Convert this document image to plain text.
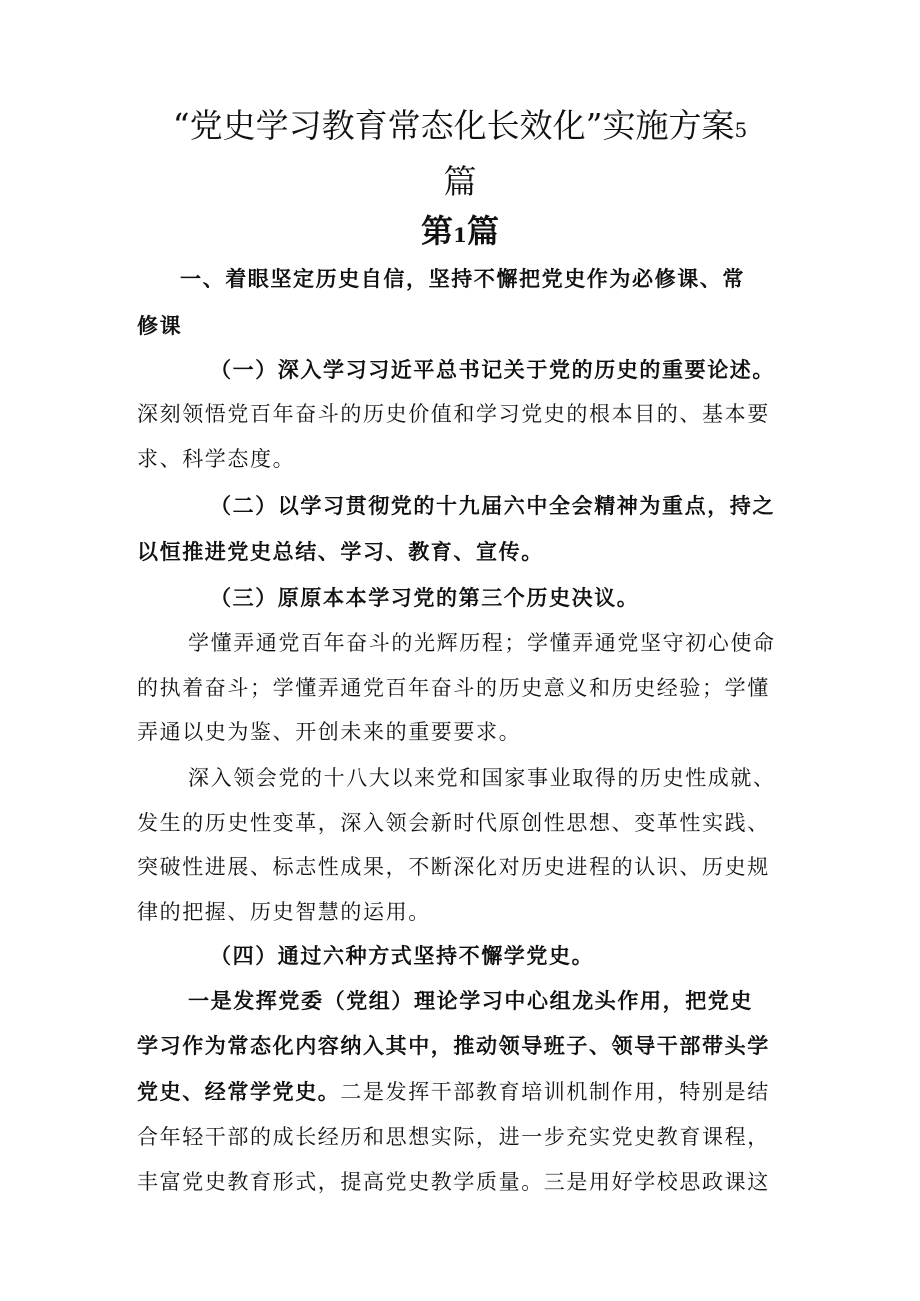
“党史学习教育常态化长效化”实施方案5
篇
第1篇
一、着眼坚定历史自信，坚持不懈把党史作为必修课、常
修课
（一）深入学习习近平总书记关于党的历史的重要论述。
深刻领悟党百年奋斗的历史价值和学习党史的根本目的、基本要
求、科学态度。
（二）以学习贯彻党的十九届六中全会精神为重点，持之
以恒推进党史总结、学习、教育、宣传。
（三）原原本本学习党的第三个历史决议。
学懂弄通党百年奋斗的光辉历程；学懂弄通党坚守初心使命
的执着奋斗；学懂弄通党百年奋斗的历史意义和历史经验；学懂
弄通以史为鉴、开创未来的重要要求。
深入领会党的十八大以来党和国家事业取得的历史性成就、
发生的历史性变革，深入领会新时代原创性思想、变革性实践、
突破性进展、标志性成果，不断深化对历史进程的认识、历史规
律的把握、历史智慧的运用。
（四）通过六种方式坚持不懈学党史。
一是发挥党委（党组）理论学习中心组龙头作用，把党史
学习作为常态化内容纳入其中，推动领导班子、领导干部带头学
党史、经常学党史。二是发挥干部教育培训机制作用，特别是结
合年轻干部的成长经历和思想实际，进一步充实党史教育课程，
丰富党史教育形式，提高党史教学质量。三是用好学校思政课这
